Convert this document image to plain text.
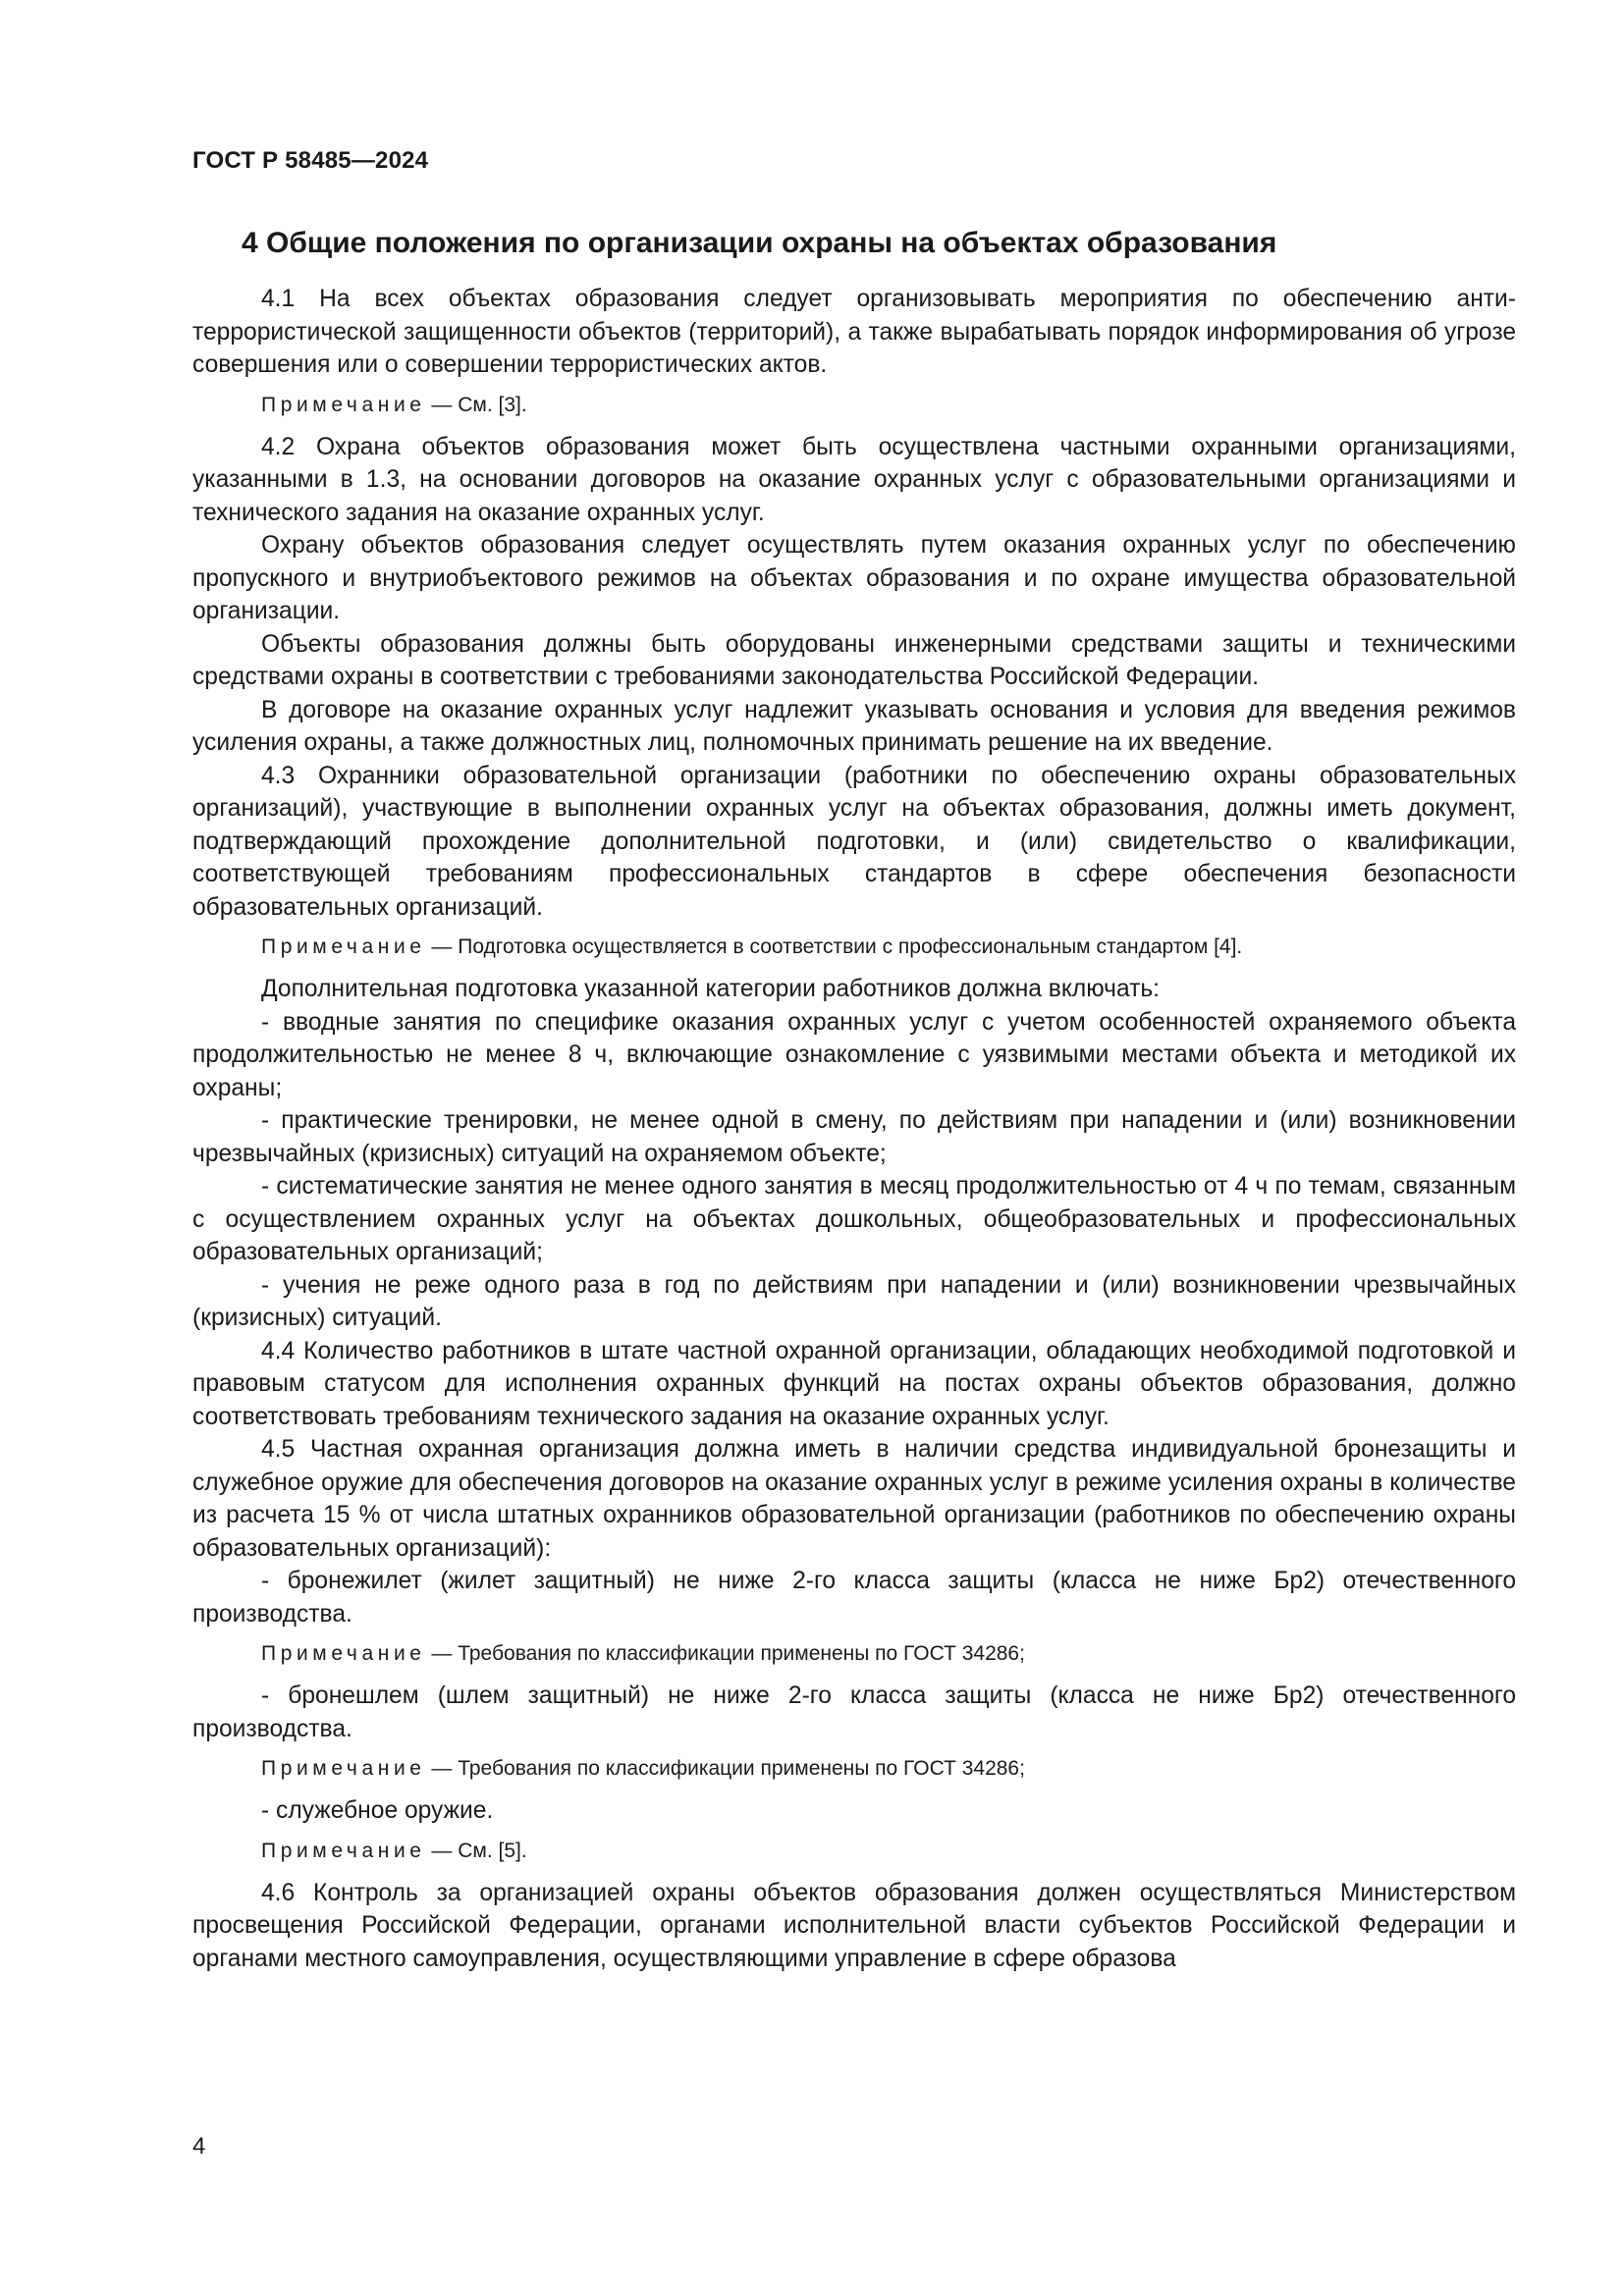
ГОСТ Р 58485—2024
4 Общие положения по организации охраны на объектах образования

4.1 На всех объектах образования следует организовывать мероприятия по обеспечению антитеррористической защищенности объектов (территорий), а также вырабатывать порядок информирования об угрозе совершения или о совершении террористических актов.

Примечание — См. [3].

4.2 Охрана объектов образования может быть осуществлена частными охранными организациями, указанными в 1.3, на основании договоров на оказание охранных услуг с образовательными организациями и технического задания на оказание охранных услуг.

Охрану объектов образования следует осуществлять путем оказания охранных услуг по обеспечению пропускного и внутриобъектового режимов на объектах образования и по охране имущества образовательной организации.

Объекты образования должны быть оборудованы инженерными средствами защиты и техническими средствами охраны в соответствии с требованиями законодательства Российской Федерации.

В договоре на оказание охранных услуг надлежит указывать основания и условия для введения режимов усиления охраны, а также должностных лиц, полномочных принимать решение на их введение.

4.3 Охранники образовательной организации (работники по обеспечению охраны образовательных организаций), участвующие в выполнении охранных услуг на объектах образования, должны иметь документ, подтверждающий прохождение дополнительной подготовки, и (или) свидетельство о квалификации, соответствующей требованиям профессиональных стандартов в сфере обеспечения безопасности образовательных организаций.

Примечание — Подготовка осуществляется в соответствии с профессиональным стандартом [4].

Дополнительная подготовка указанной категории работников должна включать:

- вводные занятия по специфике оказания охранных услуг с учетом особенностей охраняемого объекта продолжительностью не менее 8 ч, включающие ознакомление с уязвимыми местами объекта и методикой их охраны;

- практические тренировки, не менее одной в смену, по действиям при нападении и (или) возникновении чрезвычайных (кризисных) ситуаций на охраняемом объекте;

- систематические занятия не менее одного занятия в месяц продолжительностью от 4 ч по темам, связанным с осуществлением охранных услуг на объектах дошкольных, общеобразовательных и профессиональных образовательных организаций;

- учения не реже одного раза в год по действиям при нападении и (или) возникновении чрезвычайных (кризисных) ситуаций.

4.4 Количество работников в штате частной охранной организации, обладающих необходимой подготовкой и правовым статусом для исполнения охранных функций на постах охраны объектов образования, должно соответствовать требованиям технического задания на оказание охранных услуг.

4.5 Частная охранная организация должна иметь в наличии средства индивидуальной бронезащиты и служебное оружие для обеспечения договоров на оказание охранных услуг в режиме усиления охраны в количестве из расчета 15 % от числа штатных охранников образовательной организации (работников по обеспечению охраны образовательных организаций):

- бронежилет (жилет защитный) не ниже 2-го класса защиты (класса не ниже Бр2) отечественного производства.

Примечание — Требования по классификации применены по ГОСТ 34286;

- бронешлем (шлем защитный) не ниже 2-го класса защиты (класса не ниже Бр2) отечественного производства.

Примечание — Требования по классификации применены по ГОСТ 34286;

- служебное оружие.

Примечание — См. [5].

4.6 Контроль за организацией охраны объектов образования должен осуществляться Министерством просвещения Российской Федерации, органами исполнительной власти субъектов Российской Федерации и органами местного самоуправления, осуществляющими управление в сфере образова

4
